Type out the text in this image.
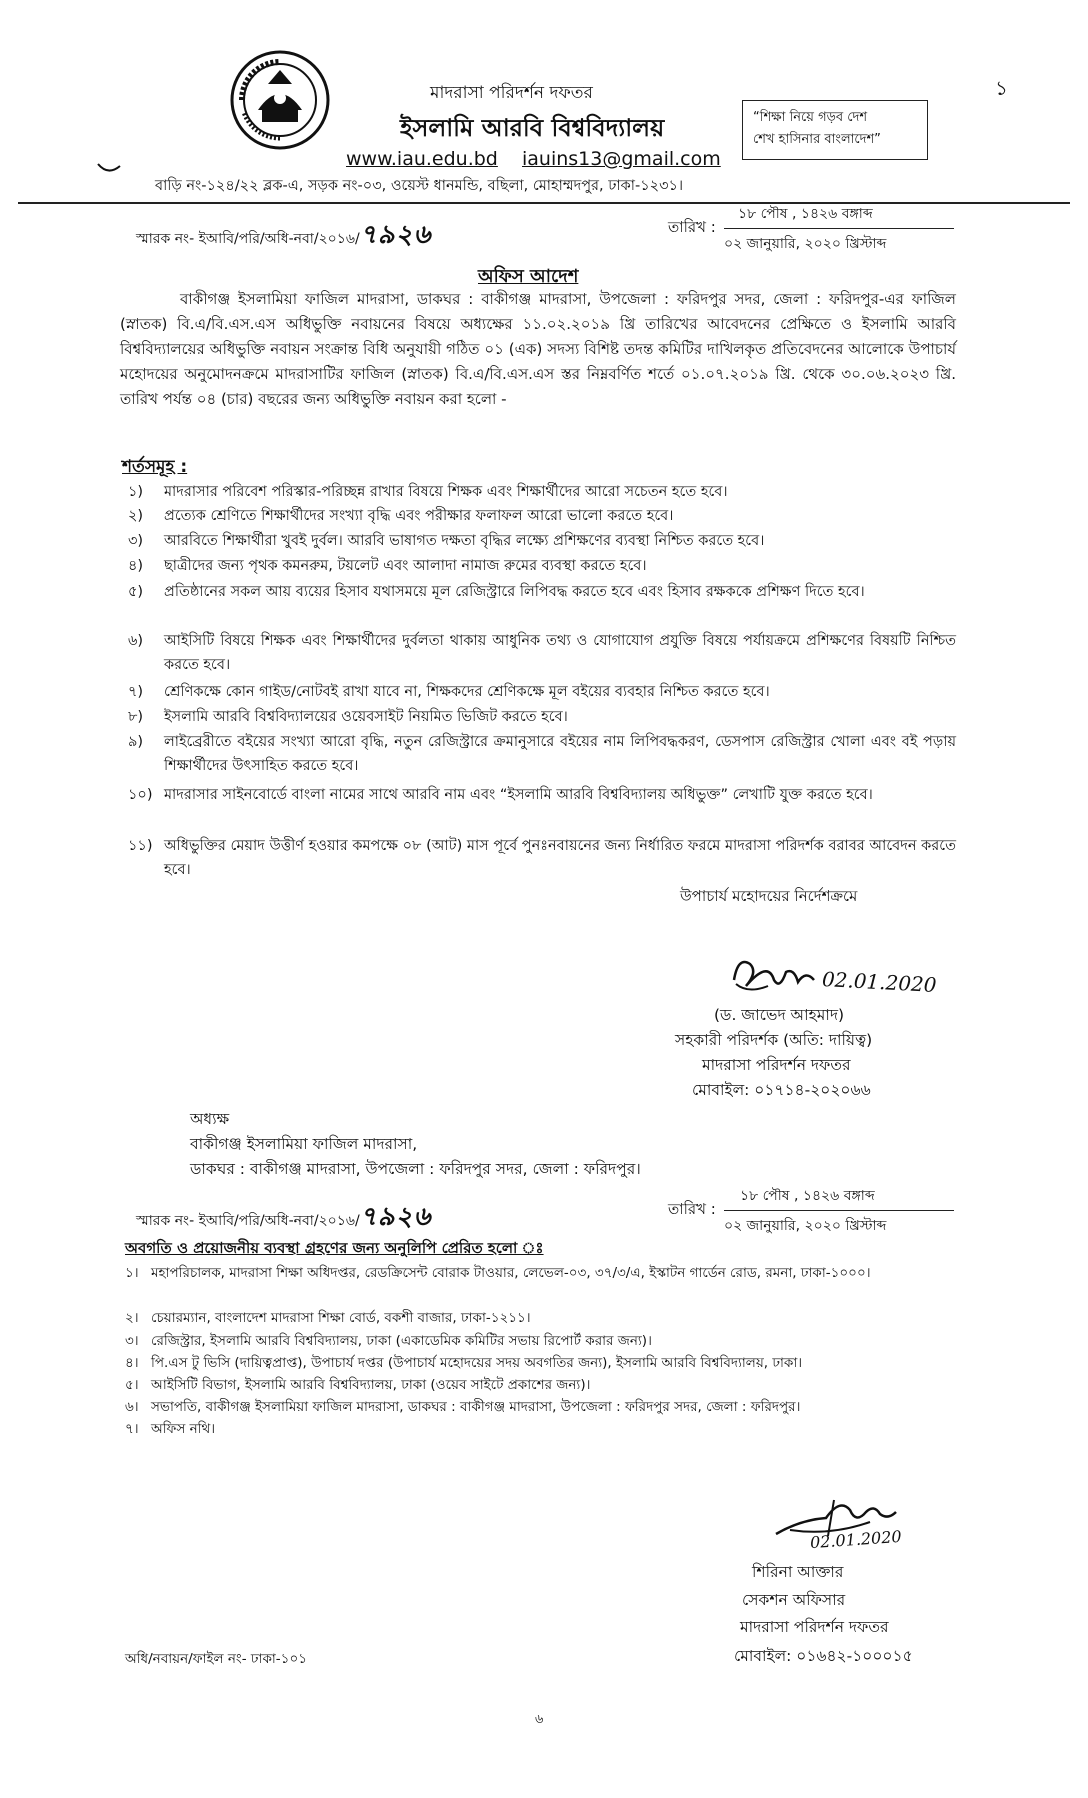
১
মাদরাসা পরিদর্শন দফতর
ইসলামি আরবি বিশ্ববিদ্যালয়
www.iau.edu.bd iauins13@gmail.com
“শিক্ষা নিয়ে গড়ব দেশ
শেখ হাসিনার বাংলাদেশ”
বাড়ি নং-১২৪/২২ ব্লক-এ, সড়ক নং-০৩, ওয়েস্ট ধানমন্ডি, বছিলা, মোহাম্মদপুর, ঢাকা-১২৩১।
স্মারক নং- ইআবি/পরি/অধি-নবা/২০১৬/৭৯২৬	তারিখ :
১৮ পৌষ , ১৪২৬ বঙ্গাব্দ
০২ জানুয়ারি, ২০২০ খ্রিস্টাব্দ
অফিস আদেশ
বাকীগঞ্জ ইসলামিয়া ফাজিল মাদরাসা, ডাকঘর : বাকীগঞ্জ মাদরাসা, উপজেলা : ফরিদপুর সদর, জেলা : ফরিদপুর-এর ফাজিল (স্নাতক) বি.এ/বি.এস.এস অধিভুক্তি নবায়নের বিষয়ে অধ্যক্ষের ১১.০২.২০১৯ খ্রি তারিখের আবেদনের প্রেক্ষিতে ও ইসলামি আরবি বিশ্ববিদ্যালয়ের অধিভুক্তি নবায়ন সংক্রান্ত বিধি অনুযায়ী গঠিত ০১ (এক) সদস্য বিশিষ্ট তদন্ত কমিটির দাখিলকৃত প্রতিবেদনের আলোকে উপাচার্য মহোদয়ের অনুমোদনক্রমে মাদরাসাটির ফাজিল (স্নাতক) বি.এ/বি.এস.এস স্তর নিম্নবর্ণিত শর্তে ০১.০৭.২০১৯ খ্রি. থেকে ৩০.০৬.২০২৩ খ্রি. তারিখ পর্যন্ত ০৪ (চার) বছরের জন্য অধিভুক্তি নবায়ন করা হলো -
শর্তসমূহ :
১) মাদরাসার পরিবেশ পরিস্কার-পরিচ্ছন্ন রাখার বিষয়ে শিক্ষক এবং শিক্ষার্থীদের আরো সচেতন হতে হবে।
২) প্রত্যেক শ্রেণিতে শিক্ষার্থীদের সংখ্যা বৃদ্ধি এবং পরীক্ষার ফলাফল আরো ভালো করতে হবে।
৩) আরবিতে শিক্ষার্থীরা খুবই দুর্বল। আরবি ভাষাগত দক্ষতা বৃদ্ধির লক্ষ্যে প্রশিক্ষণের ব্যবস্থা নিশ্চিত করতে হবে।
৪) ছাত্রীদের জন্য পৃথক কমনরুম, টয়লেট এবং আলাদা নামাজ রুমের ব্যবস্থা করতে হবে।
৫) প্রতিষ্ঠানের সকল আয় ব্যয়ের হিসাব যথাসময়ে মূল রেজিস্ট্রারে লিপিবদ্ধ করতে হবে এবং হিসাব রক্ষককে প্রশিক্ষণ দিতে হবে।
৬) আইসিটি বিষয়ে শিক্ষক এবং শিক্ষার্থীদের দুর্বলতা থাকায় আধুনিক তথ্য ও যোগাযোগ প্রযুক্তি বিষয়ে পর্যায়ক্রমে প্রশিক্ষণের বিষয়টি নিশ্চিত করতে হবে।
৭) শ্রেণিকক্ষে কোন গাইড/নোটবই রাখা যাবে না, শিক্ষকদের শ্রেণিকক্ষে মূল বইয়ের ব্যবহার নিশ্চিত করতে হবে।
৮) ইসলামি আরবি বিশ্ববিদ্যালয়ের ওয়েবসাইট নিয়মিত ভিজিট করতে হবে।
৯) লাইব্রেরীতে বইয়ের সংখ্যা আরো বৃদ্ধি, নতুন রেজিস্ট্রারে ক্রমানুসারে বইয়ের নাম লিপিবদ্ধকরণ, ডেসপাস রেজিস্ট্রার খোলা এবং বই পড়ায় শিক্ষার্থীদের উৎসাহিত করতে হবে।
১০) মাদরাসার সাইনবোর্ডে বাংলা নামের সাথে আরবি নাম এবং “ইসলামি আরবি বিশ্ববিদ্যালয় অধিভুক্ত” লেখাটি যুক্ত করতে হবে।
১১) অধিভুক্তির মেয়াদ উত্তীর্ণ হওয়ার কমপক্ষে ০৮ (আট) মাস পূর্বে পুনঃনবায়নের জন্য নির্ধারিত ফরমে মাদরাসা পরিদর্শক বরাবর আবেদন করতে হবে।
উপাচার্য মহোদয়ের নির্দেশক্রমে
02.01.2020
(ড. জাভেদ আহমাদ)
সহকারী পরিদর্শক (অতি: দায়িত্ব)
মাদরাসা পরিদর্শন দফতর
মোবাইল: ০১৭১৪-২০২০৬৬
অধ্যক্ষ
বাকীগঞ্জ ইসলামিয়া ফাজিল মাদরাসা,
ডাকঘর : বাকীগঞ্জ মাদরাসা, উপজেলা : ফরিদপুর সদর, জেলা : ফরিদপুর।
স্মারক নং- ইআবি/পরি/অধি-নবা/২০১৬/৭৯২৬	তারিখ :
১৮ পৌষ , ১৪২৬ বঙ্গাব্দ
০২ জানুয়ারি, ২০২০ খ্রিস্টাব্দ
অবগতি ও প্রয়োজনীয় ব্যবস্থা গ্রহণের জন্য অনুলিপি প্রেরিত হলো ঃ
১। মহাপরিচালক, মাদরাসা শিক্ষা অধিদপ্তর, রেডক্রিসেন্ট বোরাক টাওয়ার, লেভেল-০৩, ৩৭/৩/এ, ইস্কাটন গার্ডেন রোড, রমনা, ঢাকা-১০০০।
২। চেয়ারম্যান, বাংলাদেশ মাদরাসা শিক্ষা বোর্ড, বকশী বাজার, ঢাকা-১২১১।
৩। রেজিস্ট্রার, ইসলামি আরবি বিশ্ববিদ্যালয়, ঢাকা (একাডেমিক কমিটির সভায় রিপোর্ট করার জন্য)।
৪। পি.এস টু ভিসি (দায়িত্বপ্রাপ্ত), উপাচার্য দপ্তর (উপাচার্য মহোদয়ের সদয় অবগতির জন্য), ইসলামি আরবি বিশ্ববিদ্যালয়, ঢাকা।
৫। আইসিটি বিভাগ, ইসলামি আরবি বিশ্ববিদ্যালয়, ঢাকা (ওয়েব সাইটে প্রকাশের জন্য)।
৬। সভাপতি, বাকীগঞ্জ ইসলামিয়া ফাজিল মাদরাসা, ডাকঘর : বাকীগঞ্জ মাদরাসা, উপজেলা : ফরিদপুর সদর, জেলা : ফরিদপুর।
৭। অফিস নথি।
02.01.2020
শিরিনা আক্তার
সেকশন অফিসার
মাদরাসা পরিদর্শন দফতর
মোবাইল: ০১৬৪২-১০০০১৫
অধি/নবায়ন/ফাইল নং- ঢাকা-১০১
৬
